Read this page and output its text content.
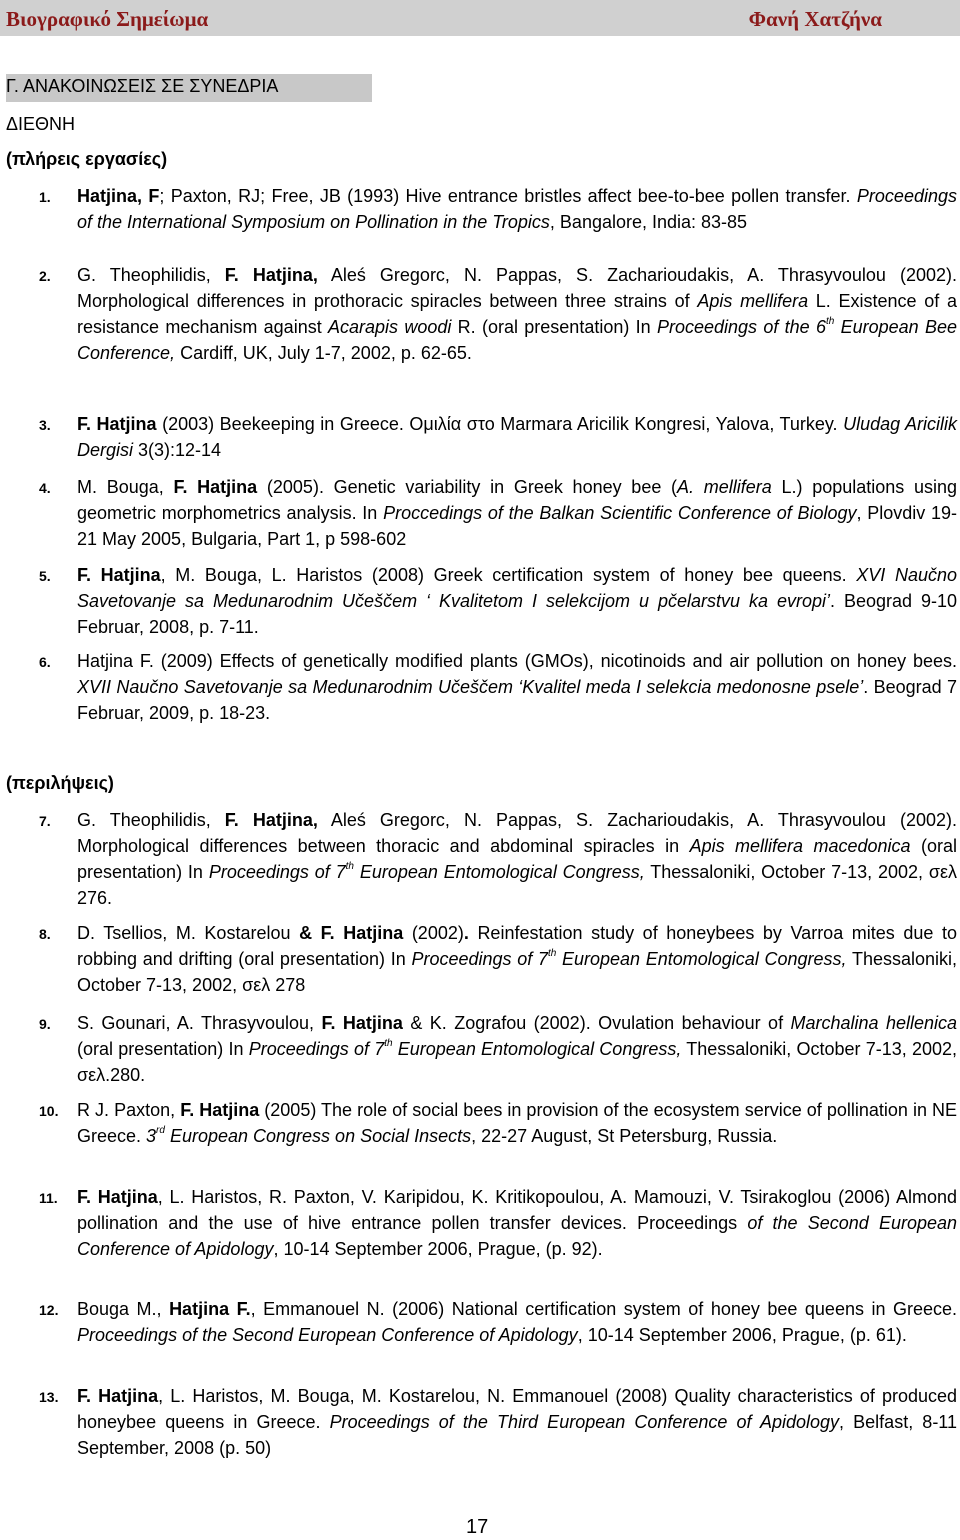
Βιογραφικό Σημείωμα	Φανή Χατζήνα
Γ. ΑΝΑΚΟΙΝΩΣΕΙΣ ΣΕ ΣΥΝΕΔΡΙΑ
ΔΙΕΘΝΗ
(πλήρεις εργασίες)
1. Hatjina, F; Paxton, RJ; Free, JB (1993) Hive entrance bristles affect bee-to-bee pollen transfer. Proceedings of the International Symposium on Pollination in the Tropics, Bangalore, India: 83-85
2. G. Theophilidis, F. Hatjina, Aleś Gregorc, N. Pappas, S. Zacharioudakis, A. Thrasyvoulou (2002). Morphological differences in prothoracic spiracles between three strains of Apis mellifera L. Existence of a resistance mechanism against Acarapis woodi R. (oral presentation) In Proceedings of the 6th European Bee Conference, Cardiff, UK, July 1-7, 2002, p. 62-65.
3. F. Hatjina (2003) Beekeeping in Greece. Ομιλία στο Marmara Aricilik Kongresi, Yalova, Turkey. Uludag Aricilik Dergisi 3(3):12-14
4. M. Bouga, F. Hatjina (2005). Genetic variability in Greek honey bee (A. mellifera L.) populations using geometric morphometrics analysis. In Proccedings of the Balkan Scientific Conference of Biology, Plovdiv 19-21 May 2005, Bulgaria, Part 1, p 598-602
5. F. Hatjina, M. Bouga, L. Haristos (2008) Greek certification system of honey bee queens. XVI Naučno Savetovanje sa Medunarodnim Učeščem ‘ Kvalitetom I selekcijom u pčelarstvu ka evropi’. Beograd 9-10 Februar, 2008, p. 7-11.
6. Hatjina F. (2009) Effects of genetically modified plants (GMOs), nicotinoids and air pollution on honey bees. XVII Naučno Savetovanje sa Medunarodnim Učeščem ‘Kvalitel meda I selekcia medonosne psele’. Beograd 7 Februar, 2009, p. 18-23.
(περιλήψεις)
7. G. Theophilidis, F. Hatjina, Aleś Gregorc, N. Pappas, S. Zacharioudakis, A. Thrasyvoulou (2002). Morphological differences between thoracic and abdominal spiracles in Apis mellifera macedonica (oral presentation) In Proceedings of 7th European Entomological Congress, Thessaloniki, October 7-13, 2002, σελ 276.
8. D. Tsellios, M. Kostarelou & F. Hatjina (2002). Reinfestation study of honeybees by Varroa mites due to robbing and drifting (oral presentation) In Proceedings of 7th European Entomological Congress, Thessaloniki, October 7-13, 2002, σελ 278
9. S. Gounari, A. Thrasyvoulou, F. Hatjina & K. Zografou (2002). Ovulation behaviour of Marchalina hellenica (oral presentation) In Proceedings of 7th European Entomological Congress, Thessaloniki, October 7-13, 2002, σελ.280.
10. R J. Paxton, F. Hatjina (2005) The role of social bees in provision of the ecosystem service of pollination in NE Greece. 3rd European Congress on Social Insects, 22-27 August, St Petersburg, Russia.
11. F. Hatjina, L. Haristos, R. Paxton, V. Karipidou, K. Kritikopoulou, A. Mamouzi, V. Tsirakoglou (2006) Almond pollination and the use of hive entrance pollen transfer devices. Proceedings of the Second European Conference of Apidology, 10-14 September 2006, Prague, (p. 92).
12. Bouga M., Hatjina F., Emmanouel N. (2006) National certification system of honey bee queens in Greece. Proceedings of the Second European Conference of Apidology, 10-14 September 2006, Prague, (p. 61).
13. F. Hatjina, L. Haristos, M. Bouga, M. Kostarelou, N. Emmanouel (2008) Quality characteristics of produced honeybee queens in Greece. Proceedings of the Third European Conference of Apidology, Belfast, 8-11 September, 2008 (p. 50)
17
